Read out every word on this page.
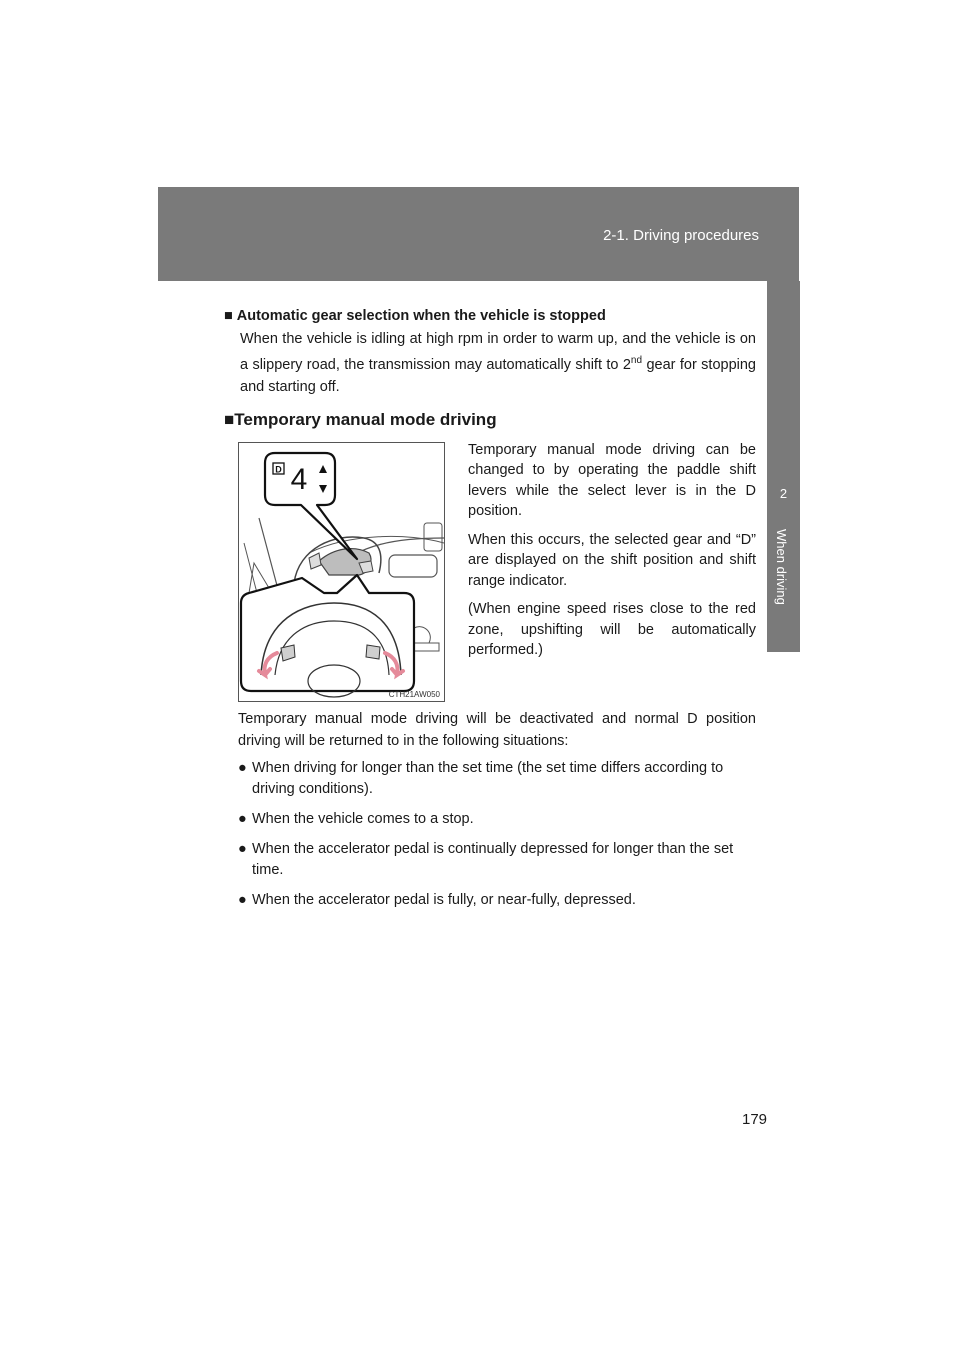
2-1. Driving procedures
2
When driving

■ Automatic gear selection when the vehicle is stopped

When the vehicle is idling at high rpm in order to warm up, and the vehicle is on a slippery road, the transmission may automatically shift to 2nd gear for stopping and starting off.

■Temporary manual mode driving

D 4
CTH21AW050

Temporary manual mode driving can be changed to by operating the paddle shift levers while the select lever is in the D position.

When this occurs, the selected gear and “D” are displayed on the shift position and shift range indicator.

(When engine speed rises close to the red zone, upshifting will be automatically performed.)

Temporary manual mode driving will be deactivated and normal D position driving will be returned to in the following situations:

● When driving for longer than the set time (the set time differs according to driving conditions).
● When the vehicle comes to a stop.
● When the accelerator pedal is continually depressed for longer than the set time.
● When the accelerator pedal is fully, or near-fully, depressed.
179
